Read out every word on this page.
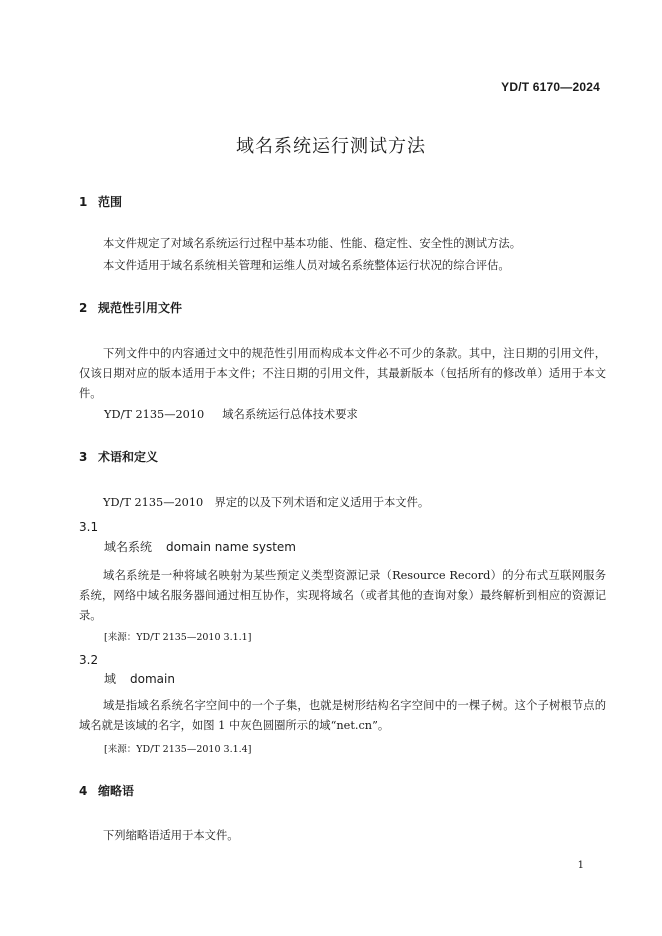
YD/T 6170—2024
域名系统运行测试方法
1 范围
本文件规定了对域名系统运行过程中基本功能、性能、稳定性、安全性的测试方法。
本文件适用于域名系统相关管理和运维人员对域名系统整体运行状况的综合评估。
2 规范性引用文件
下列文件中的内容通过文中的规范性引用而构成本文件必不可少的条款。其中，注日期的引用文件，仅该日期对应的版本适用于本文件；不注日期的引用文件，其最新版本（包括所有的修改单）适用于本文件。
YD/T 2135—2010 域名系统运行总体技术要求
3 术语和定义
YD/T 2135—2010　界定的以及下列术语和定义适用于本文件。
3.1
域名系统 domain name system
域名系统是一种将域名映射为某些预定义类型资源记录（Resource Record）的分布式互联网服务系统，网络中域名服务器间通过相互协作，实现将域名（或者其他的查询对象）最终解析到相应的资源记录。
[来源：YD/T 2135—2010 3.1.1]
3.2
域 domain
域是指域名系统名字空间中的一个子集，也就是树形结构名字空间中的一棵子树。这个子树根节点的域名就是该域的名字，如图 1 中灰色圆圈所示的域“net.cn”。
[来源：YD/T 2135—2010 3.1.4]
4 缩略语
下列缩略语适用于本文件。
1
